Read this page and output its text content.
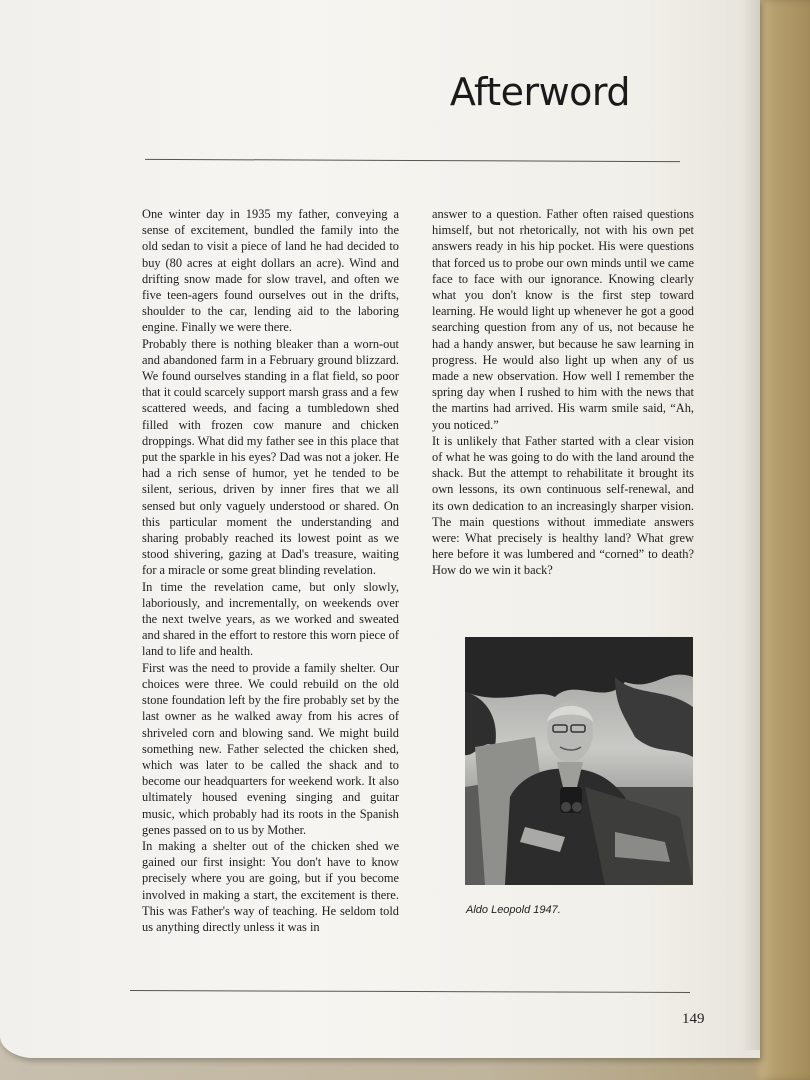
Afterword

One winter day in 1935 my father, conveying a sense of excitement, bundled the family into the old sedan to visit a piece of land he had decided to buy (80 acres at eight dollars an acre). Wind and drifting snow made for slow travel, and often we five teen-agers found ourselves out in the drifts, shoulder to the car, lending aid to the laboring engine. Finally we were there.

Probably there is nothing bleaker than a worn-out and abandoned farm in a February ground blizzard. We found ourselves standing in a flat field, so poor that it could scarcely support marsh grass and a few scattered weeds, and facing a tumbledown shed filled with frozen cow manure and chicken droppings. What did my father see in this place that put the sparkle in his eyes? Dad was not a joker. He had a rich sense of humor, yet he tended to be silent, serious, driven by inner fires that we all sensed but only vaguely understood or shared. On this particular moment the understanding and sharing probably reached its lowest point as we stood shivering, gazing at Dad's treasure, waiting for a miracle or some great blinding revelation.

In time the revelation came, but only slowly, laboriously, and incrementally, on weekends over the next twelve years, as we worked and sweated and shared in the effort to restore this worn piece of land to life and health.

First was the need to provide a family shelter. Our choices were three. We could rebuild on the old stone foundation left by the fire probably set by the last owner as he walked away from his acres of shriveled corn and blowing sand. We might build something new. Father selected the chicken shed, which was later to be called the shack and to become our headquarters for weekend work. It also ultimately housed evening singing and guitar music, which probably had its roots in the Spanish genes passed on to us by Mother.

In making a shelter out of the chicken shed we gained our first insight: You don't have to know precisely where you are going, but if you become involved in making a start, the excitement is there. This was Father's way of teaching. He seldom told us anything directly unless it was in

answer to a question. Father often raised questions himself, but not rhetorically, not with his own pet answers ready in his hip pocket. His were questions that forced us to probe our own minds until we came face to face with our ignorance. Knowing clearly what you don't know is the first step toward learning. He would light up whenever he got a good searching question from any of us, not because he had a handy answer, but because he saw learning in progress. He would also light up when any of us made a new observation. How well I remember the spring day when I rushed to him with the news that the martins had arrived. His warm smile said, “Ah, you noticed.”

It is unlikely that Father started with a clear vision of what he was going to do with the land around the shack. But the attempt to rehabilitate it brought its own lessons, its own continuous self-renewal, and its own dedication to an increasingly sharper vision. The main questions without immediate answers were: What precisely is healthy land? What grew here before it was lumbered and “corned” to death? How do we win it back?

Aldo Leopold 1947.
149
